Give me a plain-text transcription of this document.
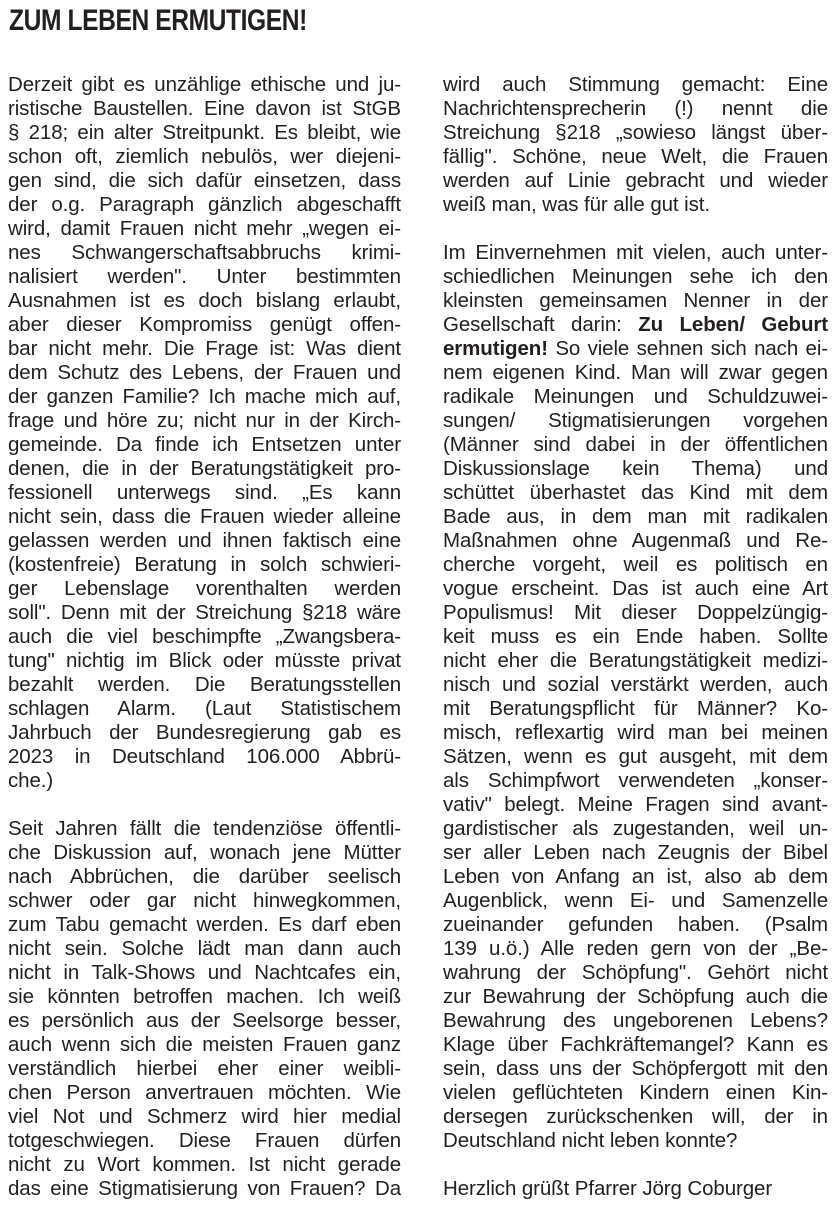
ZUM LEBEN ERMUTIGEN!
Derzeit gibt es unzählige ethische und ju-
ristische Baustellen. Eine davon ist StGB
§ 218; ein alter Streitpunkt. Es bleibt, wie
schon oft, ziemlich nebulös, wer diejeni-
gen sind, die sich dafür einsetzen, dass
der o.g. Paragraph gänzlich abgeschafft
wird, damit Frauen nicht mehr „wegen ei-
nes Schwangerschaftsabbruchs krimi-
nalisiert werden". Unter bestimmten
Ausnahmen ist es doch bislang erlaubt,
aber dieser Kompromiss genügt offen-
bar nicht mehr. Die Frage ist: Was dient
dem Schutz des Lebens, der Frauen und
der ganzen Familie? Ich mache mich auf,
frage und höre zu; nicht nur in der Kirch-
gemeinde. Da finde ich Entsetzen unter
denen, die in der Beratungstätigkeit pro-
fessionell unterwegs sind. „Es kann
nicht sein, dass die Frauen wieder alleine
gelassen werden und ihnen faktisch eine
(kostenfreie) Beratung in solch schwieri-
ger Lebenslage vorenthalten werden
soll". Denn mit der Streichung §218 wäre
auch die viel beschimpfte „Zwangsbera-
tung" nichtig im Blick oder müsste privat
bezahlt werden. Die Beratungsstellen
schlagen Alarm. (Laut Statistischem
Jahrbuch der Bundesregierung gab es
2023 in Deutschland 106.000 Abbrü-
che.)
Seit Jahren fällt die tendenziöse öffentli-
che Diskussion auf, wonach jene Mütter
nach Abbrüchen, die darüber seelisch
schwer oder gar nicht hinwegkommen,
zum Tabu gemacht werden. Es darf eben
nicht sein. Solche lädt man dann auch
nicht in Talk-Shows und Nachtcafes ein,
sie könnten betroffen machen. Ich weiß
es persönlich aus der Seelsorge besser,
auch wenn sich die meisten Frauen ganz
verständlich hierbei eher einer weibli-
chen Person anvertrauen möchten. Wie
viel Not und Schmerz wird hier medial
totgeschwiegen. Diese Frauen dürfen
nicht zu Wort kommen. Ist nicht gerade
das eine Stigmatisierung von Frauen? Da
wird auch Stimmung gemacht: Eine
Nachrichtensprecherin (!) nennt die
Streichung §218 „sowieso längst über-
fällig". Schöne, neue Welt, die Frauen
werden auf Linie gebracht und wieder
weiß man, was für alle gut ist.
Im Einvernehmen mit vielen, auch unter-
schiedlichen Meinungen sehe ich den
kleinsten gemeinsamen Nenner in der
Gesellschaft darin: Zu Leben/ Geburt
ermutigen! So viele sehnen sich nach ei-
nem eigenen Kind. Man will zwar gegen
radikale Meinungen und Schuldzuwei-
sungen/ Stigmatisierungen vorgehen
(Männer sind dabei in der öffentlichen
Diskussionslage kein Thema) und
schüttet überhastet das Kind mit dem
Bade aus, in dem man mit radikalen
Maßnahmen ohne Augenmaß und Re-
cherche vorgeht, weil es politisch en
vogue erscheint. Das ist auch eine Art
Populismus! Mit dieser Doppelzüngig-
keit muss es ein Ende haben. Sollte
nicht eher die Beratungstätigkeit medizi-
nisch und sozial verstärkt werden, auch
mit Beratungspflicht für Männer? Ko-
misch, reflexartig wird man bei meinen
Sätzen, wenn es gut ausgeht, mit dem
als Schimpfwort verwendeten „konser-
vativ" belegt. Meine Fragen sind avant-
gardistischer als zugestanden, weil un-
ser aller Leben nach Zeugnis der Bibel
Leben von Anfang an ist, also ab dem
Augenblick, wenn Ei- und Samenzelle
zueinander gefunden haben. (Psalm
139 u.ö.) Alle reden gern von der „Be-
wahrung der Schöpfung". Gehört nicht
zur Bewahrung der Schöpfung auch die
Bewahrung des ungeborenen Lebens?
Klage über Fachkräftemangel? Kann es
sein, dass uns der Schöpfergott mit den
vielen geflüchteten Kindern einen Kin-
dersegen zurückschenken will, der in
Deutschland nicht leben konnte?
Herzlich grüßt Pfarrer Jörg Coburger
